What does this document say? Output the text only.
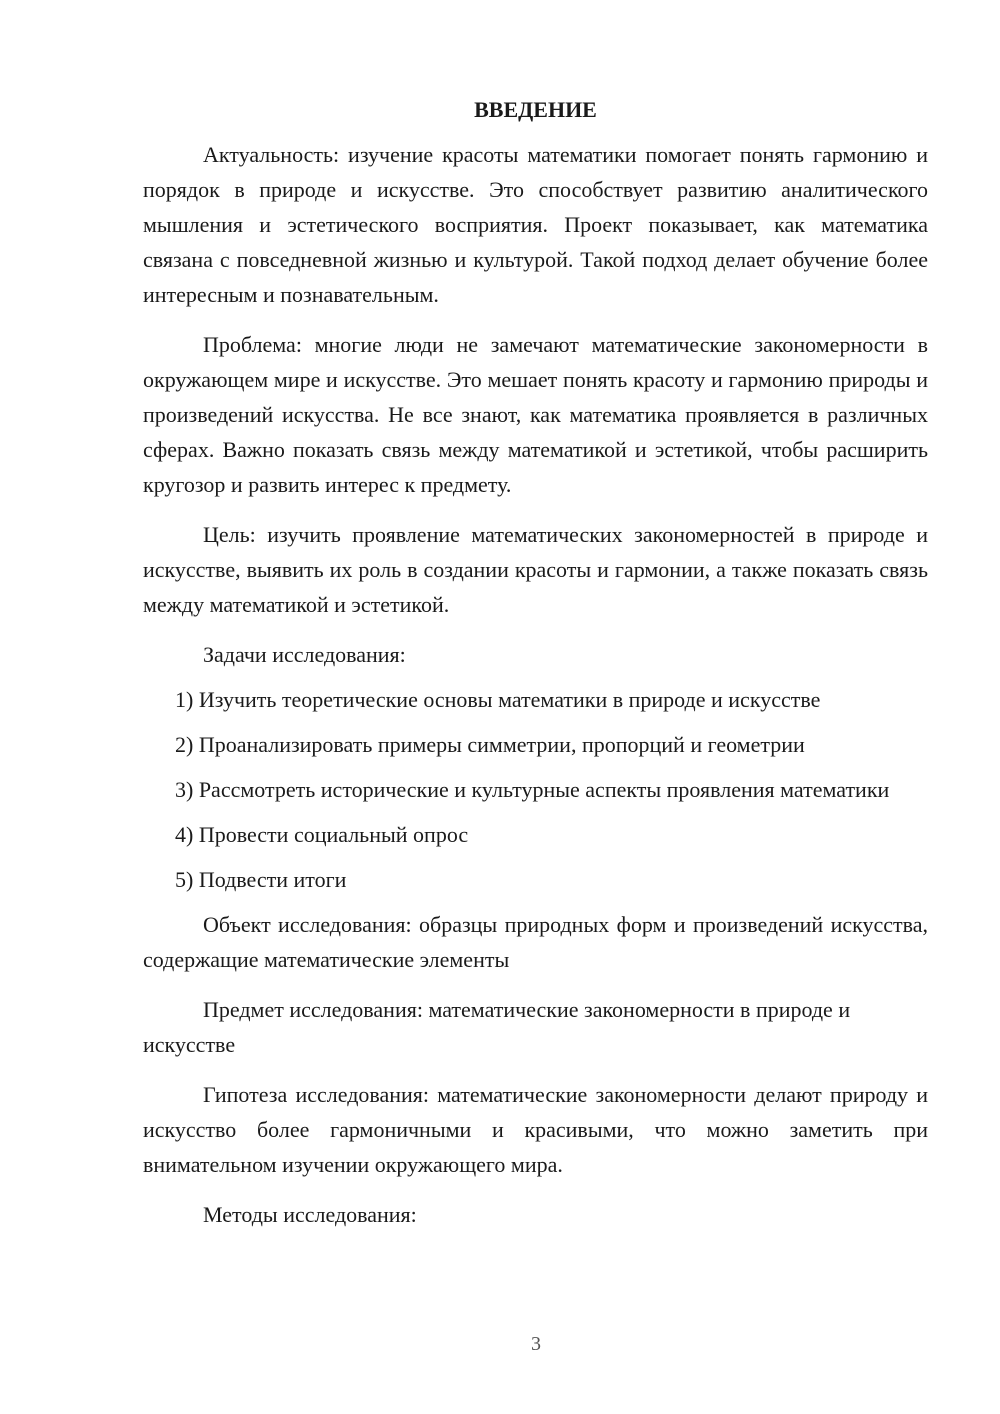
ВВЕДЕНИЕ

Актуальность: изучение красоты математики помогает понять гармонию и порядок в природе и искусстве. Это способствует развитию аналитического мышления и эстетического восприятия. Проект показывает, как математика связана с повседневной жизнью и культурой. Такой подход делает обучение более интересным и познавательным.

Проблема: многие люди не замечают математические закономерности в окружающем мире и искусстве. Это мешает понять красоту и гармонию природы и произведений искусства. Не все знают, как математика проявляется в различных сферах. Важно показать связь между математикой и эстетикой, чтобы расширить кругозор и развить интерес к предмету.

Цель: изучить проявление математических закономерностей в природе и искусстве, выявить их роль в создании красоты и гармонии, а также показать связь между математикой и эстетикой.

Задачи исследования:

1) Изучить теоретические основы математики в природе и искусстве

2) Проанализировать примеры симметрии, пропорций и геометрии

3) Рассмотреть исторические и культурные аспекты проявления математики

4) Провести социальный опрос

5) Подвести итоги

Объект исследования: образцы природных форм и произведений искусства, содержащие математические элементы

Предмет исследования: математические закономерности в природе и искусстве

Гипотеза исследования: математические закономерности делают природу и искусство более гармоничными и красивыми, что можно заметить при внимательном изучении окружающего мира.

Методы исследования:

3
